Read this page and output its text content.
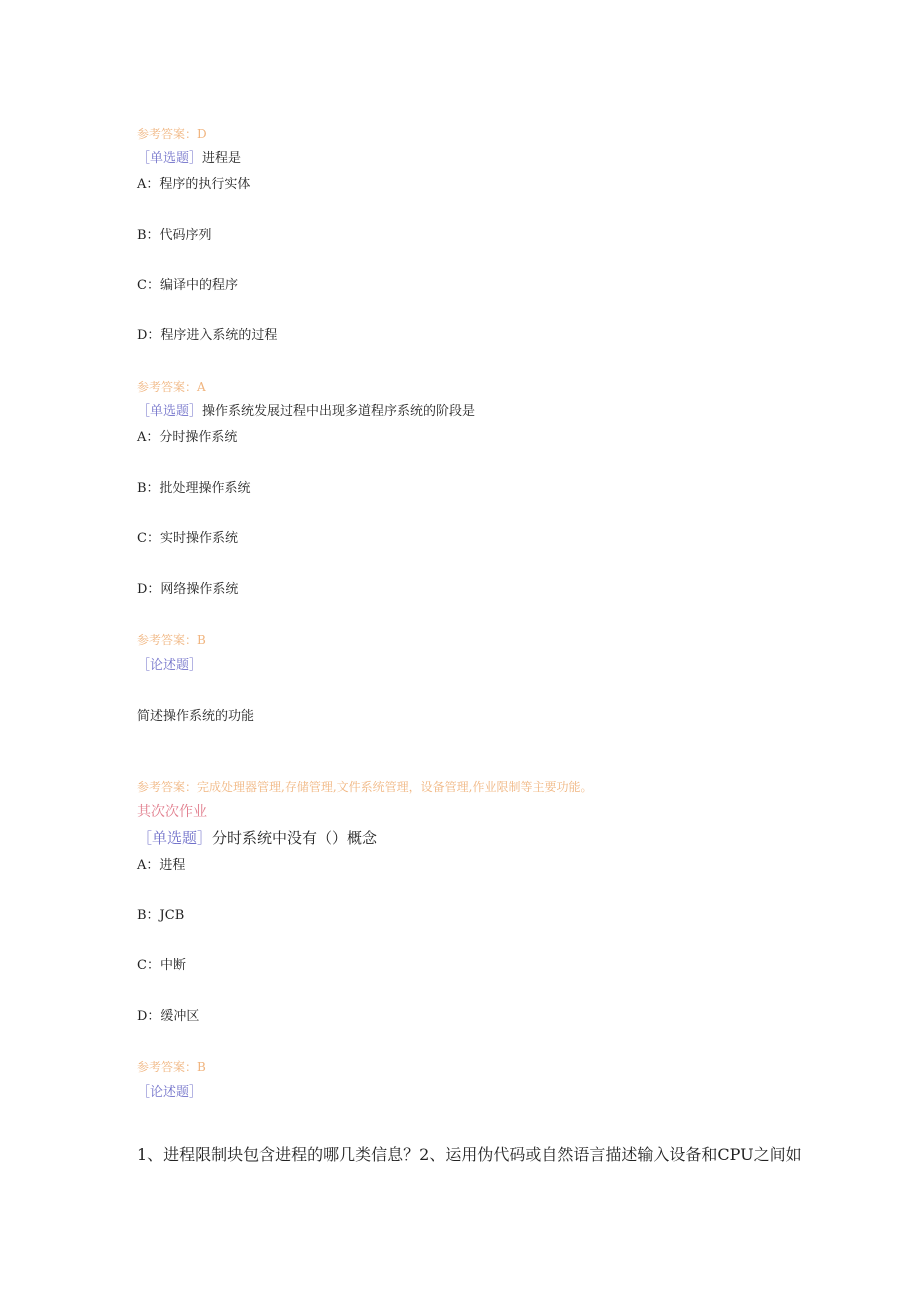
参考答案：D
［单选题］进程是
A：程序的执行实体
B：代码序列
C：编译中的程序
D：程序进入系统的过程
参考答案：A
［单选题］操作系统发展过程中出现多道程序系统的阶段是
A：分时操作系统
B：批处理操作系统
C：实时操作系统
D：网络操作系统
参考答案：B
［论述题］
简述操作系统的功能
参考答案：完成处理器管理,存储管理,文件系统管理，设备管理,作业限制等主要功能。
其次次作业
［单选题］分时系统中没有（）概念
A：进程
B：JCB
C：中断
D：缓冲区
参考答案：B
［论述题］
1、进程限制块包含进程的哪几类信息？2、运用伪代码或自然语言描述输入设备和CPU之间如
